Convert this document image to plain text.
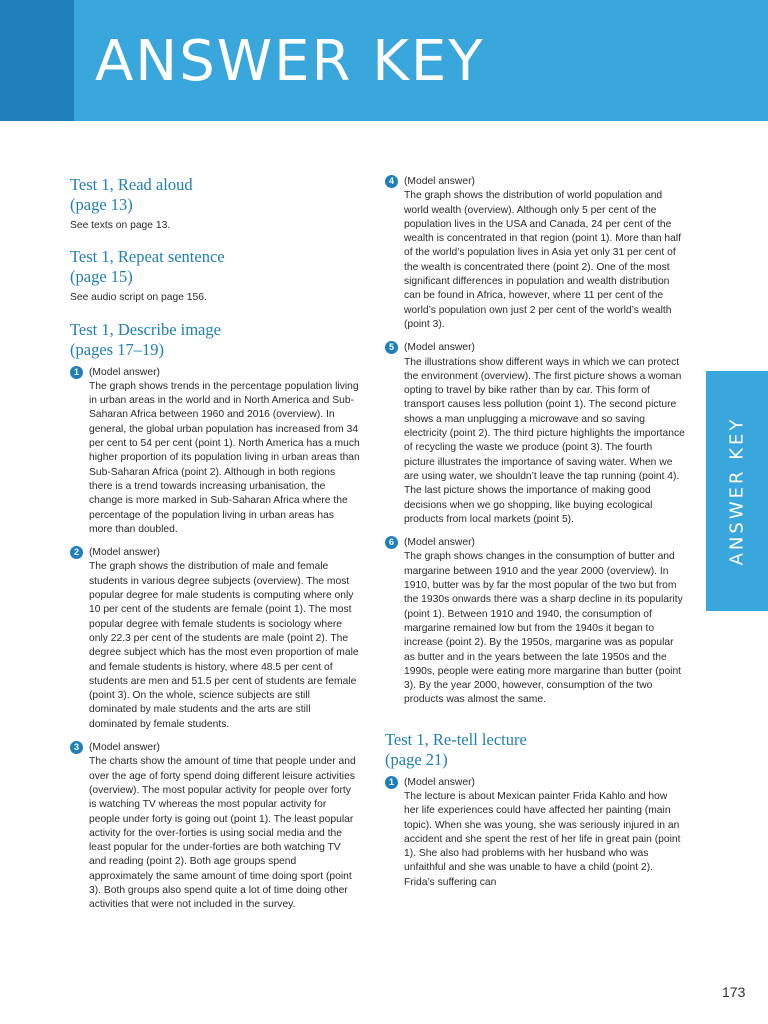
ANSWER KEY
ANSWER KEY
Test 1, Read aloud
(page 13)

See texts on page 13.

Test 1, Repeat sentence
(page 15)

See audio script on page 156.

Test 1, Describe image
(pages 17–19)
1 (Model answer)

The graph shows trends in the percentage population living in urban areas in the world and in North America and Sub-Saharan Africa between 1960 and 2016 (overview). In general, the global urban population has increased from 34 per cent to 54 per cent (point 1). North America has a much higher proportion of its population living in urban areas than Sub-Saharan Africa (point 2). Although in both regions there is a trend towards increasing urbanisation, the change is more marked in Sub-Saharan Africa where the percentage of the population living in urban areas has more than doubled.

2 (Model answer)

The graph shows the distribution of male and female students in various degree subjects (overview). The most popular degree for male students is computing where only 10 per cent of the students are female (point 1). The most popular degree with female students is sociology where only 22.3 per cent of the students are male (point 2). The degree subject which has the most even proportion of male and female students is history, where 48.5 per cent of students are men and 51.5 per cent of students are female (point 3). On the whole, science subjects are still dominated by male students and the arts are still dominated by female students.

3 (Model answer)

The charts show the amount of time that people under and over the age of forty spend doing different leisure activities (overview). The most popular activity for people over forty is watching TV whereas the most popular activity for people under forty is going out (point 1). The least popular activity for the over-forties is using social media and the least popular for the under-forties are both watching TV and reading (point 2). Both age groups spend approximately the same amount of time doing sport (point 3). Both groups also spend quite a lot of time doing other activities that were not included in the survey.

4 (Model answer)

The graph shows the distribution of world population and world wealth (overview). Although only 5 per cent of the population lives in the USA and Canada, 24 per cent of the wealth is concentrated in that region (point 1). More than half of the world’s population lives in Asia yet only 31 per cent of the wealth is concentrated there (point 2). One of the most significant differences in population and wealth distribution can be found in Africa, however, where 11 per cent of the world’s population own just 2 per cent of the world’s wealth (point 3).

5 (Model answer)

The illustrations show different ways in which we can protect the environment (overview). The first picture shows a woman opting to travel by bike rather than by car. This form of transport causes less pollution (point 1). The second picture shows a man unplugging a microwave and so saving electricity (point 2). The third picture highlights the importance of recycling the waste we produce (point 3). The fourth picture illustrates the importance of saving water. When we are using water, we shouldn’t leave the tap running (point 4). The last picture shows the importance of making good decisions when we go shopping, like buying ecological products from local markets (point 5).

6 (Model answer)

The graph shows changes in the consumption of butter and margarine between 1910 and the year 2000 (overview). In 1910, butter was by far the most popular of the two but from the 1930s onwards there was a sharp decline in its popularity (point 1). Between 1910 and 1940, the consumption of margarine remained low but from the 1940s it began to increase (point 2). By the 1950s, margarine was as popular as butter and in the years between the late 1950s and the 1990s, people were eating more margarine than butter (point 3). By the year 2000, however, consumption of the two products was almost the same.

Test 1, Re-tell lecture
(page 21)
1 (Model answer)

The lecture is about Mexican painter Frida Kahlo and how her life experiences could have affected her painting (main topic). When she was young, she was seriously injured in an accident and she spent the rest of her life in great pain (point 1). She also had problems with her husband who was unfaithful and she was unable to have a child (point 2). Frida’s suffering can

173
